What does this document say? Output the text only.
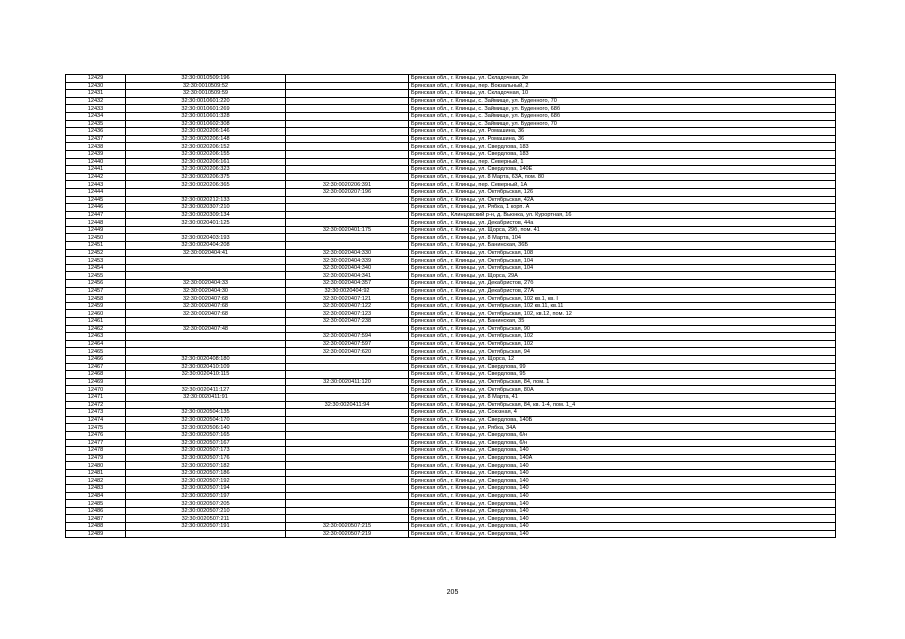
12429	32:30:0010509:196		Брянская обл., г. Клинцы, ул. Складочная, 2е
12430	32:30:0010509:52		Брянская обл., г. Клинцы, пер. Вокзальный, 2
12431	32:30:0010509:59		Брянская обл., г. Клинцы, ул. Складочная, 10
12432	32:30:0010601:220		Брянская обл., г. Клинцы, с. Займище, ул. Буденного, 70
12433	32:30:0010601:269		Брянская обл., г. Клинцы, с. Займище, ул. Буденного, 68б
12434	32:30:0010601:328		Брянская обл., г. Клинцы, с. Займище, ул. Буденного, 68б
12435	32:30:0010602:308		Брянская обл., г. Клинцы, с. Займище, ул. Буденного, 70
12436	32:30:0020206:146		Брянская обл., г. Клинцы, ул. Ромашина, 36
12437	32:30:0020206:148		Брянская обл., г. Клинцы, ул. Ромашина, 36
12438	32:30:0020206:152		Брянская обл., г. Клинцы, ул. Свердлова, 183
12439	32:30:0020206:155		Брянская обл., г. Клинцы, ул. Свердлова, 183
12440	32:30:0020206:161		Брянская обл., г. Клинцы, пер. Северный, 1
12441	32:30:0020206:323		Брянская обл., г. Клинцы, ул. Свердлова, 140Е
12442	32:30:0020206:375		Брянская обл., г. Клинцы, ул. 8 Марта, 63А, пом. 80
12443	32:30:0020206:365	32:30:0020206:391	Брянская обл., г. Клинцы, пер. Северный, 1А
12444		32:30:0020207:196	Брянская обл., г. Клинцы, ул. Октябрьская, 126
12445	32:30:0020212:133		Брянская обл., г. Клинцы, ул. Октябрьская, 42А
12446	32:30:0020307:210		Брянская обл., г. Клинцы, ул. Рябка, 1 корп. А
12447	32:30:0020309:134		Брянская обл., Клинцовский р-н, д. Вьюнка, ул. Курортная, 16
12448	32:30:0020401:125		Брянская обл., г. Клинцы, ул. Декабристов, 44а
12449		32:30:0020401:175	Брянская обл., г. Клинцы, ул. Щорса, 29б, пом. 41
12450	32:30:0020403:193		Брянская обл., г. Клинцы, ул. 8 Марта, 104
12451	32:30:0020404:208		Брянская обл., г. Клинцы, ул. Банинская, 36Б
12452	32:30:0020404:41	32:30:0020404:330	Брянская обл., г. Клинцы, ул. Октябрьская, 108
12453		32:30:0020404:339	Брянская обл., г. Клинцы, ул. Октябрьская, 104
12454		32:30:0020404:340	Брянская обл., г. Клинцы, ул. Октябрьская, 104
12455		32:30:0020404:341	Брянская обл., г. Клинцы, ул. Щорса, 29А
12456	32:30:0020404:33	32:30:0020404:357	Брянская обл., г. Клинцы, ул. Декабристов, 27б
12457	32:30:0020404:30	32:30:0020404:92	Брянская обл., г. Клинцы, ул. Декабристов, 27А
12458	32:30:0020407:68	32:30:0020407:121	Брянская обл., г. Клинцы, ул. Октябрьская, 102 кв.1, кв. I
12459	32:30:0020407:68	32:30:0020407:122	Брянская обл., г. Клинцы, ул. Октябрьская, 102 кв.11, кв.11
12460	32:30:0020407:68	32:30:0020407:123	Брянская обл., г. Клинцы, ул. Октябрьская, 102, кв.12, пом. 12
12461		32:30:0020407:238	Брянская обл., г. Клинцы, ул. Банинская, 35
12462	32:30:0020407:48		Брянская обл., г. Клинцы, ул. Октябрьская, 90
12463		32:30:0020407:594	Брянская обл., г. Клинцы, ул. Октябрьская, 102
12464		32:30:0020407:597	Брянская обл., г. Клинцы, ул. Октябрьская, 102
12465		32:30:0020407:620	Брянская обл., г. Клинцы, ул. Октябрьская, 94
12466	32:30:0020408:180		Брянская обл., г. Клинцы, ул. Щорса, 12
12467	32:30:0020410:109		Брянская обл., г. Клинцы, ул. Свердлова, 99
12468	32:30:0020410:115		Брянская обл., г. Клинцы, ул. Свердлова, 95
12469		32:30:0020411:120	Брянская обл., г. Клинцы, ул. Октябрьская, 84, пом. 1
12470	32:30:0020411:127		Брянская обл., г. Клинцы, ул. Октябрьская, 80А
12471	32:30:0020411:91		Брянская обл., г. Клинцы, ул. 8 Марта, 41
12472		32:30:0020411:94	Брянская обл., г. Клинцы, ул. Октябрьская, 84, кв. 1-4, пом. 1_4
12473	32:30:0020504:135		Брянская обл., г. Клинцы, ул. Союзная, 4
12474	32:30:0020504:170		Брянская обл., г. Клинцы, ул. Свердлова, 140Б
12475	32:30:0020506:140		Брянская обл., г. Клинцы, ул. Рябка, 34А
12476	32:30:0020507:165		Брянская обл., г. Клинцы, ул. Свердлова, 6/н
12477	32:30:0020507:167		Брянская обл., г. Клинцы, ул. Свердлова, 6/н
12478	32:30:0020507:173		Брянская обл., г. Клинцы, ул. Свердлова, 140
12479	32:30:0020507:176		Брянская обл., г. Клинцы, ул. Свердлова, 140А
12480	32:30:0020507:182		Брянская обл., г. Клинцы, ул. Свердлова, 140
12481	32:30:0020507:186		Брянская обл., г. Клинцы, ул. Свердлова, 140
12482	32:30:0020507:192		Брянская обл., г. Клинцы, ул. Свердлова, 140
12483	32:30:0020507:194		Брянская обл., г. Клинцы, ул. Свердлова, 140
12484	32:30:0020507:197		Брянская обл., г. Клинцы, ул. Свердлова, 140
12485	32:30:0020507:205		Брянская обл., г. Клинцы, ул. Свердлова, 140
12486	32:30:0020507:210		Брянская обл., г. Клинцы, ул. Свердлова, 140
12487	32:30:0020507:211		Брянская обл., г. Клинцы, ул. Свердлова, 140
12488	32:30:0020507:191	32:30:0020507:215	Брянская обл., г. Клинцы, ул. Свердлова, 140
12489		32:30:0020507:219	Брянская обл., г. Клинцы, ул. Свердлова, 140
205
